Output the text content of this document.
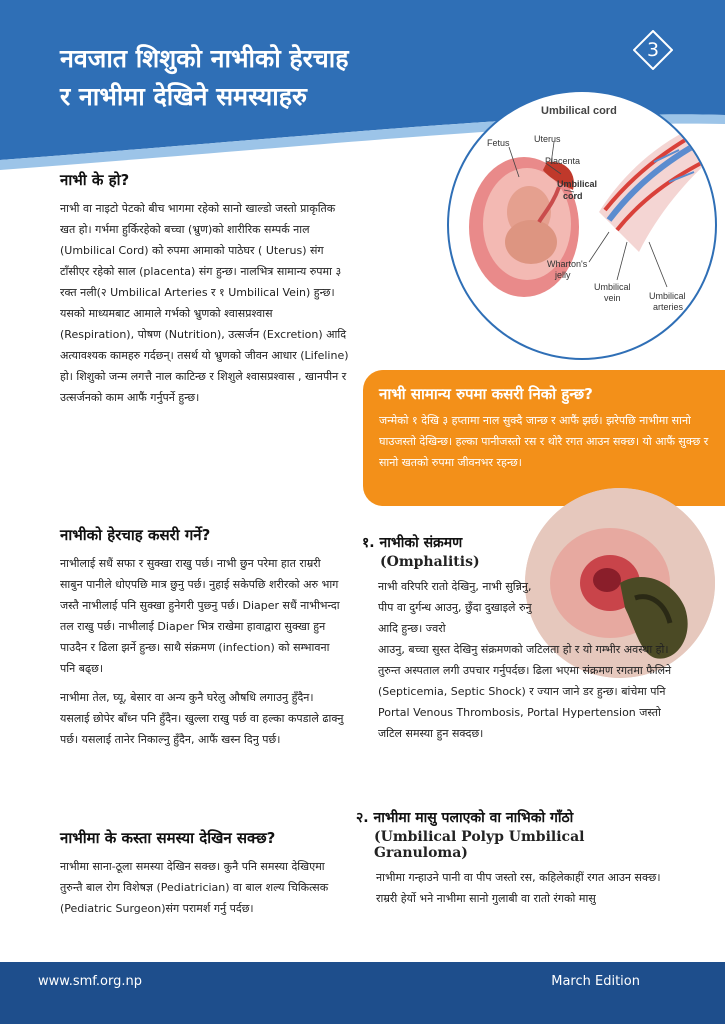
नवजात शिशुको नाभीको हेरचाह
र नाभीमा देखिने समस्याहरु
3
Umbilical cord
Fetus	Uterus
Placenta
Umbilical
cord
Wharton's
jelly
Umbilical
vein	Umbilical
arteries
नाभी के हो?

नाभी वा नाइटो पेटको बीच भागमा रहेको सानो खाल्डो जस्तो प्राकृतिक खत हो। गर्भमा हुर्किरहेको बच्चा (भ्रुण)को शारीरिक सम्पर्क नाल (Umbilical Cord) को रुपमा आमाको पाठेघर ( Uterus) संग टाँसीएर रहेको साल (placenta) संग हुन्छ। नालभित्र सामान्य रुपमा ३ रक्त नली(२ Umbilical Arteries र १ Umbilical Vein) हुन्छ। यसको माध्यमबाट आमाले गर्भको भ्रुणको श्वासप्रश्वास (Respiration), पोषण (Nutrition), उत्सर्जन (Excretion) आदि अत्यावश्यक कामहरु गर्दछन्। तसर्थ यो भ्रुणको जीवन आधार (Lifeline) हो। शिशुको जन्म लगत्तै नाल काटिन्छ र शिशुले श्वासप्रश्वास , खानपीन र उत्सर्जनको काम आफैं गर्नुपर्ने हुन्छ।

नाभीको हेरचाह कसरी गर्ने?

नाभीलाई सधैं सफा र सुक्खा राखु पर्छ। नाभी छुन परेमा हात राम्ररी साबुन पानीले धोएपछि मात्र छुनु पर्छ। नुहाई सकेपछि शरीरको अरु भाग जस्तै नाभीलाई पनि सुक्खा हुनेगरी पुछ्नु पर्छ। Diaper सधैं नाभीभन्दा तल राखु पर्छ। नाभीलाई Diaper भित्र राखेमा हावाद्वारा सुक्खा हुन पाउदैन र ढिला झर्ने हुन्छ। साथै संक्रमण (infection) को सम्भावना पनि बढ्छ।

नाभीमा तेल, घ्यू, बेसार वा अन्य कुनै घरेलु औषधि लगाउनु हुँदैन। यसलाई छोपेर बाँध्न पनि हुँदैन। खुल्ला राखु पर्छ वा हल्का कपडाले ढाक्नु पर्छ। यसलाई तानेर निकाल्नु हुँदैन, आफैं खस्न दिनु पर्छ।

नाभीमा के कस्ता समस्या देखिन सक्छ?

नाभीमा साना-ठूला समस्या देखिन सक्छ। कुनै पनि समस्या देखिएमा तुरुन्तै बाल रोग विशेषज्ञ (Pediatrician) वा बाल शल्य चिकित्सक (Pediatric Surgeon)संग परामर्श गर्नु पर्दछ।

नाभी सामान्य रुपमा कसरी निको हुन्छ?
जन्मेको १ देखि ३ हप्तामा नाल सुक्दै जान्छ र आफैं झर्छ। झरेपछि नाभीमा सानो घाउजस्तो देखिन्छ। हल्का पानीजस्तो रस र थोरै रगत आउन सक्छ। यो आफैं सुक्छ र सानो खतको रुपमा जीवनभर रहन्छ।
१. नाभीको संक्रमण
(Omphalitis)
नाभी वरिपरि रातो देखिनु, नाभी सुन्निनु, पीप वा दुर्गन्ध आउनु, छुँदा दुखाइले रुनु आदि हुन्छ। ज्वरो
आउनु, बच्चा सुस्त देखिनु संक्रमणको जटिलता हो र यो गम्भीर अवस्था हो। तुरुन्त अस्पताल लगी उपचार गर्नुपर्दछ। ढिला भएमा संक्रमण रगतमा फैलिने (Septicemia, Septic Shock) र ज्यान जाने डर हुन्छ। बांचेमा पनि Portal Venous Thrombosis, Portal Hypertension जस्तो जटिल समस्या हुन सक्दछ।
२. नाभीमा मासु पलाएको वा नाभिको गाँठो
(Umbilical Polyp Umbilical Granuloma)
नाभीमा गन्हाउने पानी वा पीप जस्तो रस, कहिलेकाहीं रगत आउन सक्छ। राम्ररी हेर्यो भने नाभीमा सानो गुलाबी वा रातो रंगको मासु
www.smf.org.np	March Edition
